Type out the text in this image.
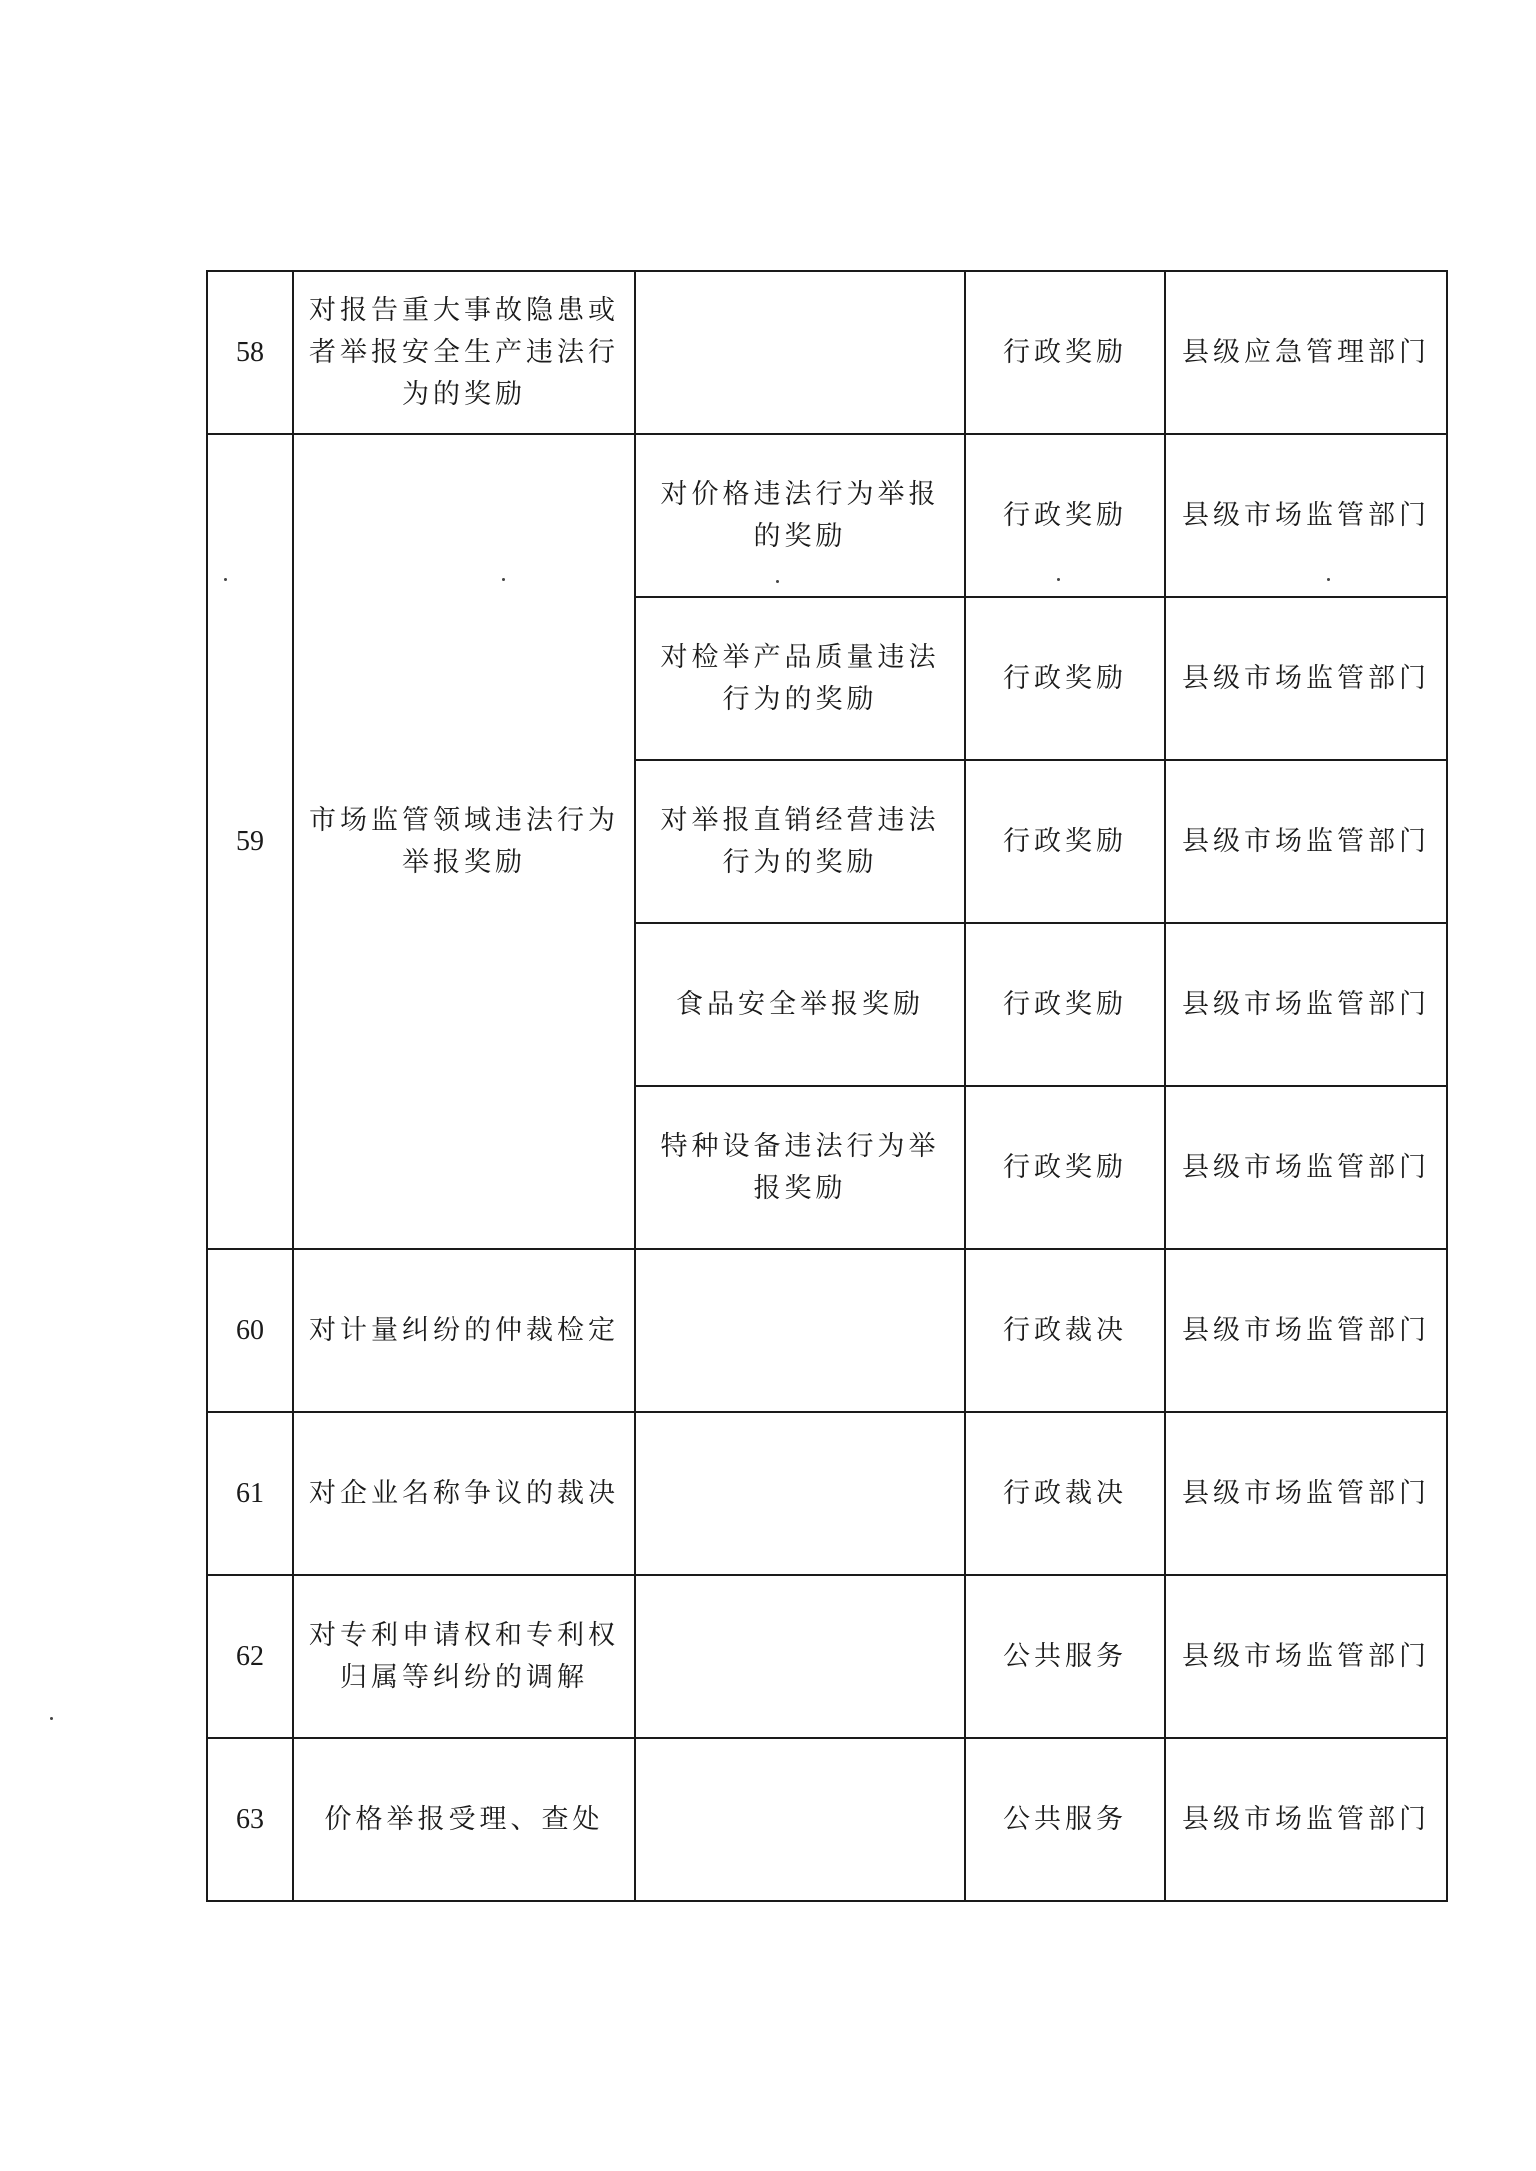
58	对报告重大事故隐患或者举报安全生产违法行为的奖励		行政奖励	县级应急管理部门
59	市场监管领域违法行为举报奖励	对价格违法行为举报的奖励	行政奖励	县级市场监管部门
		对检举产品质量违法行为的奖励	行政奖励	县级市场监管部门
		对举报直销经营违法行为的奖励	行政奖励	县级市场监管部门
		食品安全举报奖励	行政奖励	县级市场监管部门
		特种设备违法行为举报奖励	行政奖励	县级市场监管部门
60	对计量纠纷的仲裁检定		行政裁决	县级市场监管部门
61	对企业名称争议的裁决		行政裁决	县级市场监管部门
62	对专利申请权和专利权归属等纠纷的调解		公共服务	县级市场监管部门
63	价格举报受理、查处		公共服务	县级市场监管部门
